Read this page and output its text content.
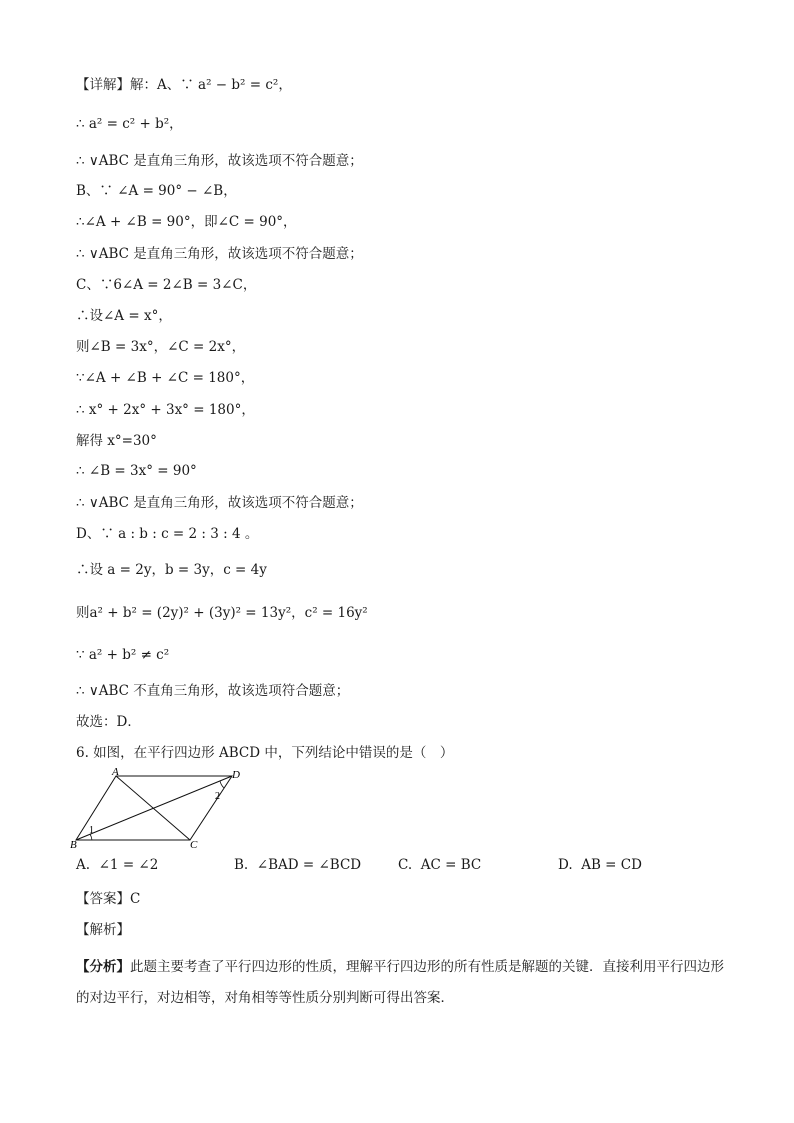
【详解】解：A、∵ a² − b² = c²，
∴ a² = c² + b²，
∴ ∨ABC 是直角三角形，故该选项不符合题意；
B、∵ ∠A = 90° − ∠B，
∴∠A + ∠B = 90°，即∠C = 90°，
∴ ∨ABC 是直角三角形，故该选项不符合题意；
C、∵6∠A = 2∠B = 3∠C，
∴设∠A = x°，
则∠B = 3x°，∠C = 2x°，
∵∠A + ∠B + ∠C = 180°，
∴ x° + 2x° + 3x° = 180°，
解得 x°=30°
∴ ∠B = 3x° = 90°
∴ ∨ABC 是直角三角形，故该选项不符合题意；
D、∵ a : b : c = 2 : 3 : 4 。
∴设 a = 2y，b = 3y，c = 4y
则a² + b² = (2y)² + (3y)² = 13y²，c² = 16y²
∵ a² + b² ≠ c²
∴ ∨ABC 不直角三角形，故该选项符合题意；
故选：D．
6. 如图，在平行四边形 ABCD 中，下列结论中错误的是（　）
A	D
B	C
1
2
A.  ∠1 = ∠2	B.  ∠BAD = ∠BCD	C.  AC = BC	D.  AB = CD
【答案】C
【解析】
【分析】此题主要考查了平行四边形的性质，理解平行四边形的所有性质是解题的关键．直接利用平行四边形的对边平行，对边相等，对角相等等性质分别判断可得出答案．
